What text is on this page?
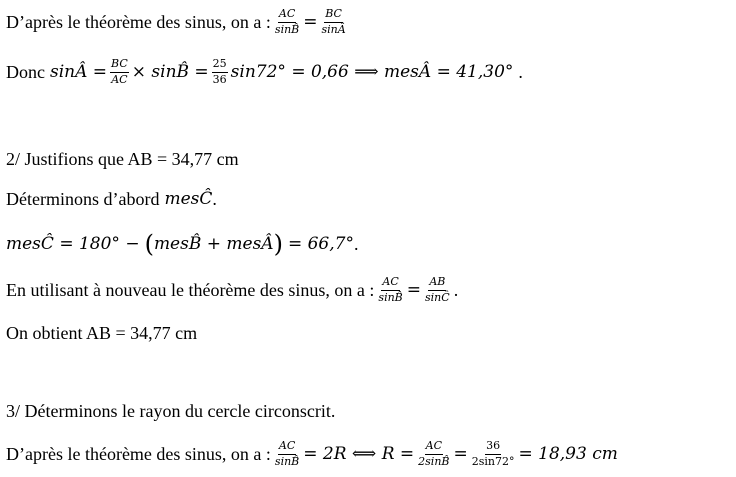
D’après le théorème des sinus, on a : $\frac{AC}{\sin B̂} = \frac{BC}{\sin Â}$
Donc sinÂ = $\frac{BC}{AC}$ × sinB̂ = $\frac{25}{36} \sin 72^\circ = 0,66$ ⟹ mesÂ = 41,30° .
2/ Justifions que AB = 34,77 cm
Déterminons d’abord mesĈ .
mesĈ = 180° − ( mesB̂ + mesÂ ) = 66,7° .
En utilisant à nouveau le théorème des sinus, on a : $\frac{AC}{\sin B̂} = \frac{AB}{\sin Ĉ}$ .
On obtient AB = 34,77 cm
3/ Déterminons le rayon du cercle circonscrit.
D’après le théorème des sinus, on a : $\frac{AC}{\sin B̂} = 2R$ ⟺ $R = \frac{AC}{2\sin B̂} = \frac{36}{2\sin 72^\circ} = 18,93$ cm
